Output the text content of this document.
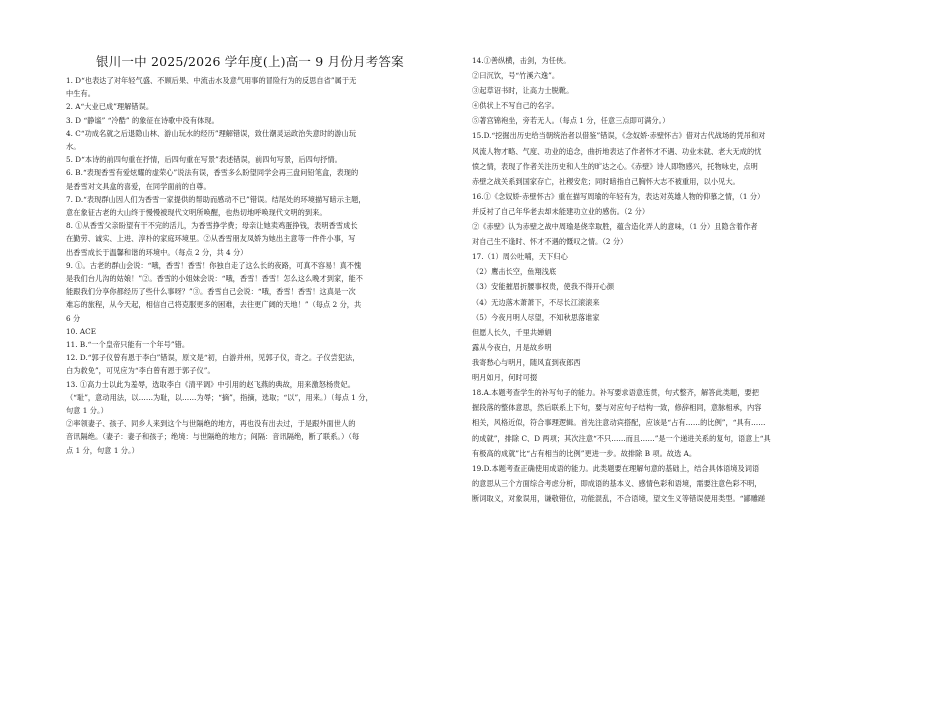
银川一中 2025/2026 学年度(上)高一 9 月份月考答案
1. D“也表达了对年轻气盛、不顾后果、中流击水及意气用事的冒险行为的反思自省”属于无
中生有。
2. A“大业已成”理解错误。
3. D “静谧” “冷酷” 的象征在诗歌中没有体现。
4. C“功成名就之后退隐山林、游山玩水的经历”理解错误，致仕潮灵运政治失意时的游山玩
水。
5. D“本诗的前四句重在抒情，后四句重在写景”表述错误，前四句写景，后四句抒情。
6. B.“表现香雪有爱炫耀的虚荣心”说法有误，香雪多么盼望同学会再三盘问铅笔盒，表现的
是香雪对文具盒的喜爱，在同学面前的自尊。
7. D.“表现群山因人们为香雪一家提供的帮助而感动不已”错误。结尾处的环境描写暗示主题，
意在象征古老的大山终于慢慢被现代文明所唤醒，也热切地呼唤现代文明的到来。
8. ①从香雪父亲盼望有干不完的活儿，为香雪挣学费；母亲让她卖鸡蛋挣钱，表明香雪成长
在勤劳、诚实、上进、淳朴的家庭环境里。②从香雪朋友凤娇为她出主意等一件件小事，写
出香雪成长于温馨和谐的环境中。（每点 2 分，共 4 分）
9. ①。古老的群山会说：“哦，香雪！香雪！你独自走了这么长的夜路，可真不容易！真不愧
是我们台儿沟的姑娘！”②。香雪的小姐妹会说：“哦，香雪！香雪！怎么这么晚才到家，能不
能跟我们分享你都经历了些什么事呀？”③。香雪自己会说：“哦，香雪！香雪！这真是一次
难忘的旅程，从今天起，相信自己将克服更多的困难，去往更广阔的天地！”（每点 2 分，共
6 分
10. ACE
11. B.“一个皇帝只能有一个年号”错。
12. D.“郭子仪曾有恩于李白”错误，原文是“初，白游并州，见郭子仪，奇之。子仪尝犯法，
白为救免”，可见应为“李白曾有恩于郭子仪”。
13. ①高力士以此为羞辱，选取李白《清平调》中引用的赵飞燕的典故，用来激怒杨贵妃。
（“耻”，意动用法，以……为耻，以……为辱；“摘”，指摘，选取；“以”，用来。）（每点 1 分，
句意 1 分。）
②率领妻子、孩子、同乡人来到这个与世隔绝的地方，再也没有出去过，于是跟外面世人的
音讯隔绝。（妻子：妻子和孩子；绝境：与世隔绝的地方；间隔：音讯隔绝，断了联系。）（每
点 1 分，句意 1 分。）
14.①善纵横，击剑，为任侠。
②曰沉饮，号“竹溪六逸”。
③起草诏书时，让高力士脱靴。
④供状上不写自己的名字。
⑤著宫锦袍坐，旁若无人。（每点 1 分，任意三点即可满分。）
15.D.“挖掘出历史给当朝统治者以借鉴”错误，《念奴娇·赤壁怀古》借对古代战场的凭吊和对
风流人物才略、气度、功业的追念，曲折地表达了作者怀才不遇、功业未就、老大无成的忧
愤之情，表现了作者关注历史和人生的旷达之心。《赤壁》诗人即物感兴，托物咏史，点明
赤壁之战关系到国家存亡，社稷安危；同时暗指自己胸怀大志不被重用，以小见大。
16.①《念奴娇·赤壁怀古》重在描写周瑜的年轻有为，表达对英雄人物的仰慕之情，（1 分）
并反衬了自己年华老去却未能建功立业的感伤。（2 分）
②《赤壁》认为赤壁之战中周瑜是侥幸取胜，蕴含造化弄人的意味，（1 分）且隐含着作者
对自己生不逢时、怀才不遇的慨叹之情。（2 分）
17.（1）周公吐哺，天下归心
（2）鹰击长空，鱼翔浅底
（3）安能摧眉折腰事权贵，使我不得开心颜
（4）无边落木萧萧下，不尽长江滚滚来
（5）今夜月明人尽望，不知秋思落谁家
但愿人长久，千里共婵娟
露从今夜白，月是故乡明
我寄愁心与明月，随风直到夜郎西
明月如月，何时可掇
18.A.本题考查学生的补写句子的能力。补写要求语意连贯，句式整齐，解答此类题，要把
握段落的整体意思，然后联系上下句，要与对应句子结构一致，修辞相同，意脉相承，内容
相关，风格近似，符合事理逻辑。首先注意动宾搭配，应该是“占有……的比例”，“具有……
的成就”，排除 C、D 两项；其次注意“不只……而且……”是一个递进关系的复句，语意上“具
有极高的成就”比“占有相当的比例”更进一步。故排除 B 项。故选 A。
19.D.本题考查正确使用成语的能力。此类题要在理解句意的基础上，结合具体语境及词语
的意思从三个方面综合考虑分析，即成语的基本义、感情色彩和语境，需要注意色彩不明，
断词取义，对象误用，谦敬错位，功能混乱，不合语境，望文生义等错误使用类型。“鄙雕蹉
